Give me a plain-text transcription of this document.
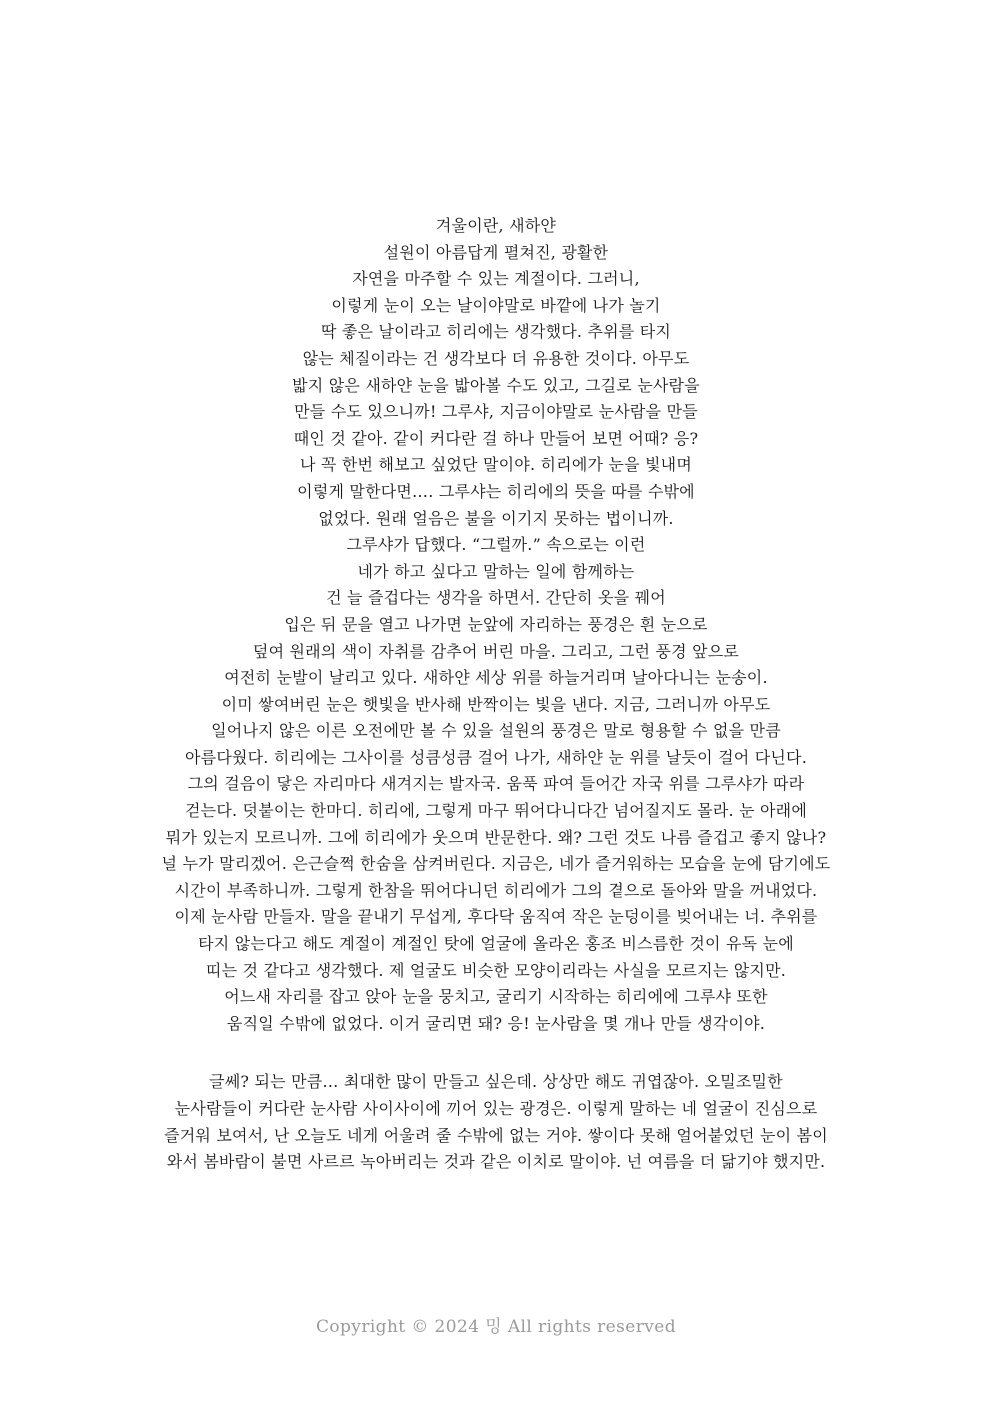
겨울이란, 새하얀
설원이 아름답게 펼쳐진, 광활한
자연을 마주할 수 있는 계절이다. 그러니,
이렇게 눈이 오는 날이야말로 바깥에 나가 놀기
딱 좋은 날이라고 히리에는 생각했다. 추위를 타지
않는 체질이라는 건 생각보다 더 유용한 것이다. 아무도
밟지 않은 새하얀 눈을 밟아볼 수도 있고, 그길로 눈사람을
만들 수도 있으니까! 그루샤, 지금이야말로 눈사람을 만들
때인 것 같아. 같이 커다란 걸 하나 만들어 보면 어때? 응?
나 꼭 한번 해보고 싶었단 말이야. 히리에가 눈을 빛내며
이렇게 말한다면…. 그루샤는 히리에의 뜻을 따를 수밖에
없었다. 원래 얼음은 불을 이기지 못하는 법이니까.
그루샤가 답했다. “그럴까.” 속으로는 이런
네가 하고 싶다고 말하는 일에 함께하는
건 늘 즐겁다는 생각을 하면서. 간단히 옷을 꿰어
입은 뒤 문을 열고 나가면 눈앞에 자리하는 풍경은 흰 눈으로
덮여 원래의 색이 자취를 감추어 버린 마을. 그리고, 그런 풍경 앞으로
여전히 눈발이 날리고 있다. 새하얀 세상 위를 하늘거리며 날아다니는 눈송이.
이미 쌓여버린 눈은 햇빛을 반사해 반짝이는 빛을 낸다. 지금, 그러니까 아무도
일어나지 않은 이른 오전에만 볼 수 있을 설원의 풍경은 말로 형용할 수 없을 만큼
아름다웠다. 히리에는 그사이를 성큼성큼 걸어 나가, 새하얀 눈 위를 날듯이 걸어 다닌다.
그의 걸음이 닿은 자리마다 새겨지는 발자국. 움푹 파여 들어간 자국 위를 그루샤가 따라
걷는다. 덧붙이는 한마디. 히리에, 그렇게 마구 뛰어다니다간 넘어질지도 몰라. 눈 아래에
뭐가 있는지 모르니까. 그에 히리에가 웃으며 반문한다. 왜? 그런 것도 나름 즐겁고 좋지 않나?
널 누가 말리겠어. 은근슬쩍 한숨을 삼켜버린다. 지금은, 네가 즐거워하는 모습을 눈에 담기에도
시간이 부족하니까. 그렇게 한참을 뛰어다니던 히리에가 그의 곁으로 돌아와 말을 꺼내었다.
이제 눈사람 만들자. 말을 끝내기 무섭게, 후다닥 움직여 작은 눈덩이를 빚어내는 너. 추위를
타지 않는다고 해도 계절이 계절인 탓에 얼굴에 올라온 홍조 비스름한 것이 유독 눈에
띠는 것 같다고 생각했다. 제 얼굴도 비슷한 모양이리라는 사실을 모르지는 않지만.
어느새 자리를 잡고 앉아 눈을 뭉치고, 굴리기 시작하는 히리에에 그루샤 또한
움직일 수밖에 없었다. 이거 굴리면 돼? 응! 눈사람을 몇 개나 만들 생각이야.
글쎄? 되는 만큼… 최대한 많이 만들고 싶은데. 상상만 해도 귀엽잖아. 오밀조밀한
눈사람들이 커다란 눈사람 사이사이에 끼어 있는 광경은. 이렇게 말하는 네 얼굴이 진심으로
즐거워 보여서, 난 오늘도 네게 어울려 줄 수밖에 없는 거야. 쌓이다 못해 얼어붙었던 눈이 봄이
와서 봄바람이 불면 사르르 녹아버리는 것과 같은 이치로 말이야. 넌 여름을 더 닮기야 했지만.
Copyright © 2024 밍 All rights reserved
